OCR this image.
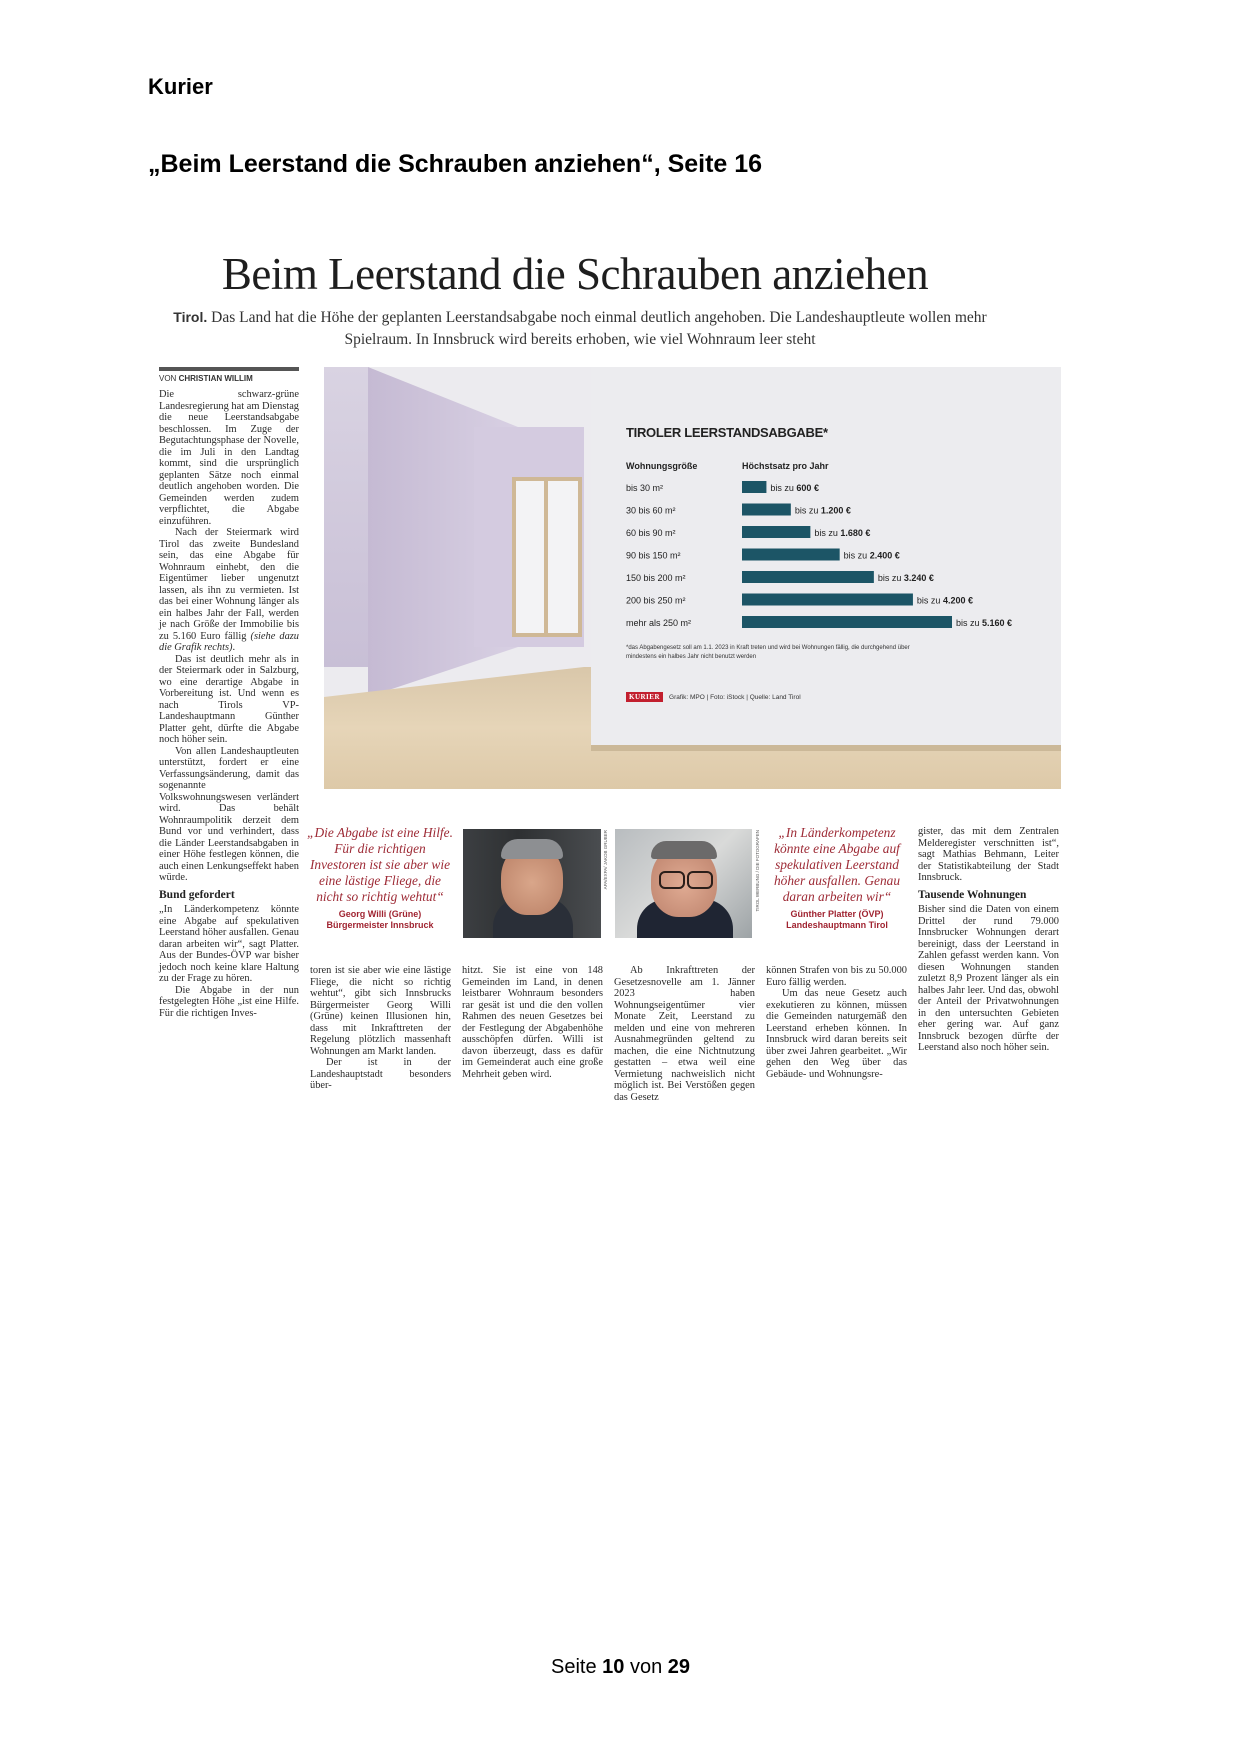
Kurier
„Beim Leerstand die Schrauben anziehen“, Seite 16
Beim Leerstand die Schrauben anziehen
Tirol. Das Land hat die Höhe der geplanten Leerstandsabgabe noch einmal deutlich angehoben. Die Landeshauptleute wollen mehr Spielraum. In Innsbruck wird bereits erhoben, wie viel Wohnraum leer steht
VON CHRISTIAN WILLIM

Die schwarz-grüne Landesregierung hat am Dienstag die neue Leerstandsabgabe beschlossen. Im Zuge der Begutachtungsphase der Novelle, die im Juli in den Landtag kommt, sind die ursprünglich geplanten Sätze noch einmal deutlich angehoben worden. Die Gemeinden werden zudem verpflichtet, die Abgabe einzuführen.

Nach der Steiermark wird Tirol das zweite Bundesland sein, das eine Abgabe für Wohnraum einhebt, den die Eigentümer lieber ungenutzt lassen, als ihn zu vermieten. Ist das bei einer Wohnung länger als ein halbes Jahr der Fall, werden je nach Größe der Immobilie bis zu 5.160 Euro fällig (siehe dazu die Grafik rechts).

Das ist deutlich mehr als in der Steiermark oder in Salzburg, wo eine derartige Abgabe in Vorbereitung ist. Und wenn es nach Tirols VP-Landeshauptmann Günther Platter geht, dürfte die Abgabe noch höher sein.

Von allen Landeshauptleuten unterstützt, fordert er eine Verfassungsänderung, damit das sogenannte Volkswohnungswesen verländert wird. Das behält Wohnraumpolitik derzeit dem Bund vor und verhindert, dass die Länder Leerstandsabgaben in einer Höhe festlegen können, die auch einen Lenkungseffekt haben würde.

Bund gefordert

„In Länderkompetenz könnte eine Abgabe auf spekulativen Leerstand höher ausfallen. Genau daran arbeiten wir“, sagt Platter. Aus der Bundes-ÖVP war bisher jedoch noch keine klare Haltung zu der Frage zu hören.

Die Abgabe in der nun festgelegten Höhe „ist eine Hilfe. Für die richtigen Inves-

TIROLER LEERSTANDSABGABE*
Wohnungsgröße	Höchstsatz pro Jahr
bis 30 m²	bis zu 600 €
30 bis 60 m²	bis zu 1.200 €
60 bis 90 m²	bis zu 1.680 €
90 bis 150 m²	bis zu 2.400 €
150 bis 200 m²	bis zu 3.240 €
200 bis 250 m²	bis zu 4.200 €
mehr als 250 m²	bis zu 5.160 €
*das Abgabengesetz soll am 1.1. 2023 in Kraft treten und wird bei Wohnungen fällig, die durchgehend über mindestens ein halbes Jahr nicht benutzt werden
KURIER	Grafik: MPO | Foto: iStock | Quelle: Land Tirol
„Die Abgabe ist eine Hilfe. Für die richtigen Investoren ist sie aber wie eine lästige Fliege, die nicht so richtig wehtut“
Georg Willi (Grüne)
Bürgermeister Innsbruck
APA/EXPA/ JAKOB GRUBER	TIROL WERBUNG / DIE FOTOGRAFEN	„In Länderkompetenz könnte eine Abgabe auf spekulativen Leerstand höher ausfallen. Genau daran arbeiten wir“
Günther Platter (ÖVP)
Landeshauptmann Tirol

toren ist sie aber wie eine lästige Fliege, die nicht so richtig wehtut“, gibt sich Innsbrucks Bürgermeister Georg Willi (Grüne) keinen Illusionen hin, dass mit Inkrafttreten der Regelung plötzlich massenhaft Wohnungen am Markt landen.

Der ist in der Landeshauptstadt besonders über-

hitzt. Sie ist eine von 148 Gemeinden im Land, in denen leistbarer Wohnraum besonders rar gesät ist und die den vollen Rahmen des neuen Gesetzes bei der Festlegung der Abgabenhöhe ausschöpfen dürfen. Willi ist davon überzeugt, dass es dafür im Gemeinderat auch eine große Mehrheit geben wird.

Ab Inkrafttreten der Gesetzesnovelle am 1. Jänner 2023 haben Wohnungseigentümer vier Monate Zeit, Leerstand zu melden und eine von mehreren Ausnahmegründen geltend zu machen, die eine Nichtnutzung gestatten – etwa weil eine Vermietung nachweislich nicht möglich ist. Bei Verstößen gegen das Gesetz

können Strafen von bis zu 50.000 Euro fällig werden.

Um das neue Gesetz auch exekutieren zu können, müssen die Gemeinden naturgemäß den Leerstand erheben können. In Innsbruck wird daran bereits seit über zwei Jahren gearbeitet. „Wir gehen den Weg über das Gebäude- und Wohnungsre-

gister, das mit dem Zentralen Melderegister verschnitten ist“, sagt Mathias Behmann, Leiter der Statistikabteilung der Stadt Innsbruck.

Tausende Wohnungen

Bisher sind die Daten von einem Drittel der rund 79.000 Innsbrucker Wohnungen derart bereinigt, dass der Leerstand in Zahlen gefasst werden kann. Von diesen Wohnungen standen zuletzt 8,9 Prozent länger als ein halbes Jahr leer. Und das, obwohl der Anteil der Privatwohnungen in den untersuchten Gebieten eher gering war. Auf ganz Innsbruck bezogen dürfte der Leerstand also noch höher sein.

Seite 10 von 29
